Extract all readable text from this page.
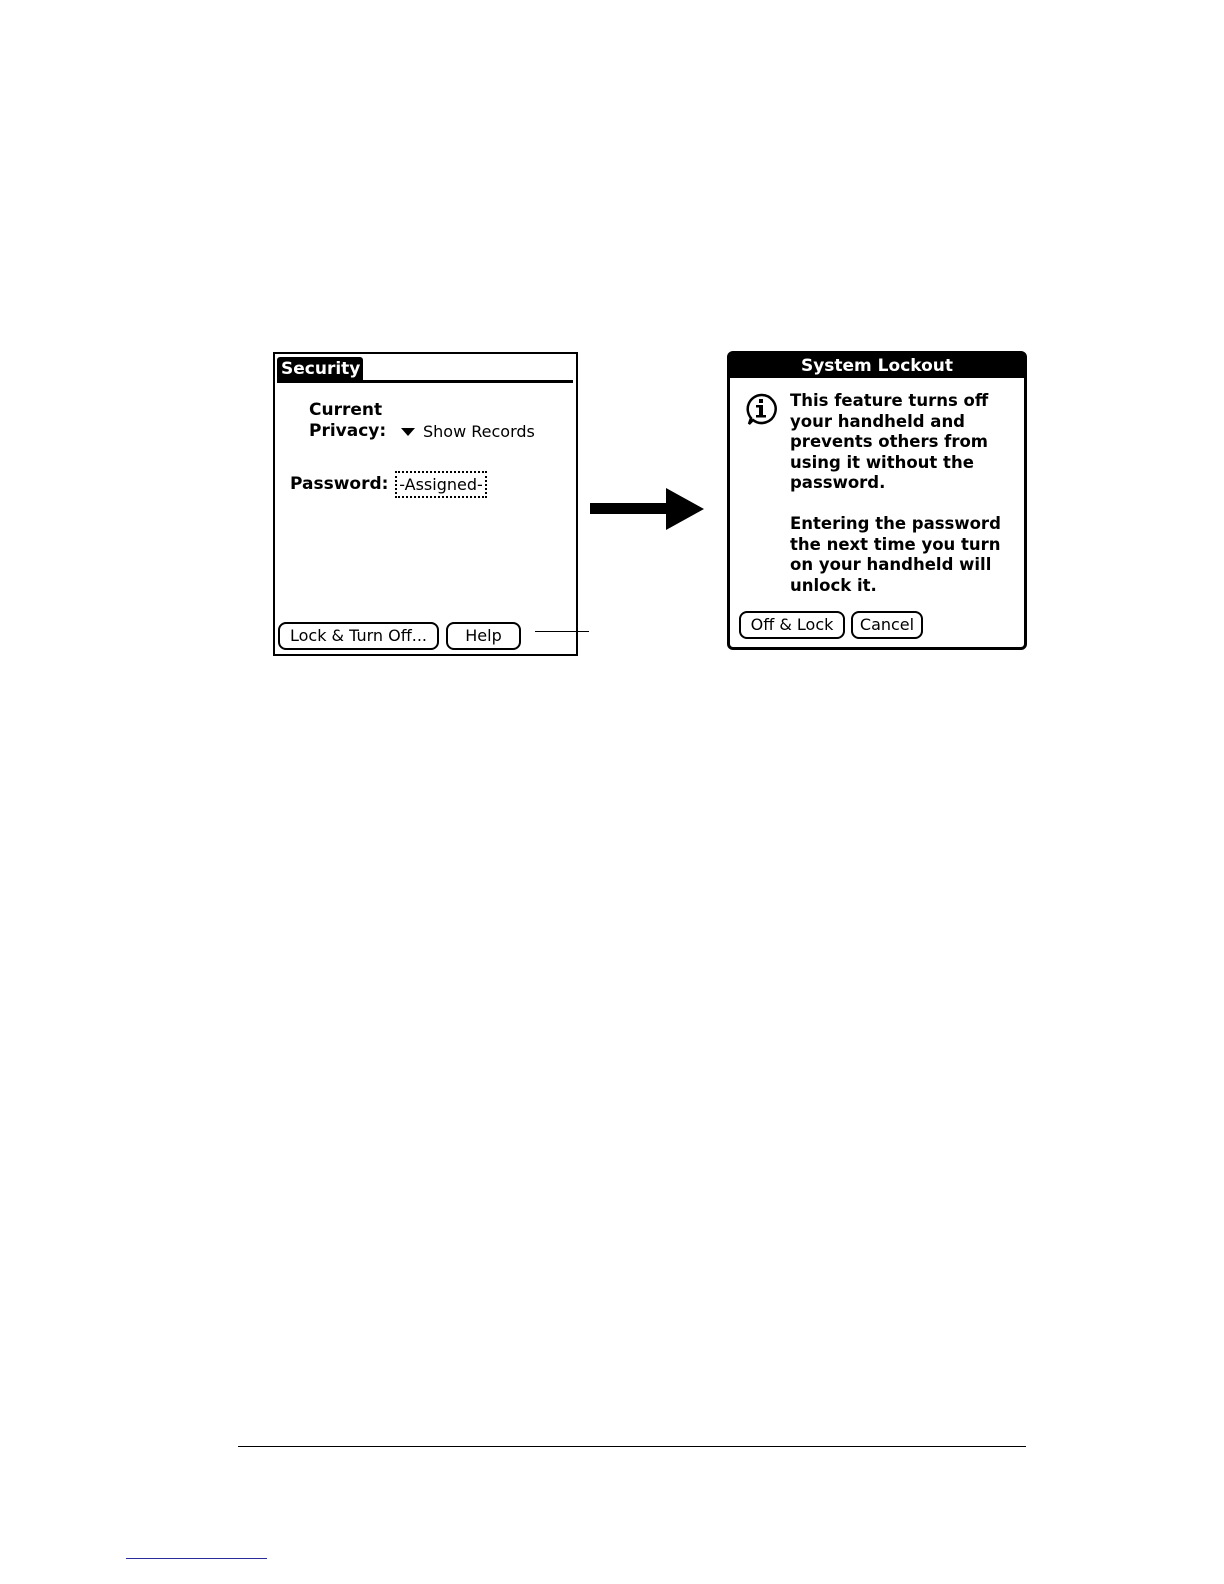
Security
Current
Privacy:	Show Records
Password: -Assigned-
Lock & Turn Off...	Help
System Lockout
This feature turns off your handheld and prevents others from using it without the password.
Entering the password the next time you turn on your handheld will unlock it.
Off & Lock	Cancel
